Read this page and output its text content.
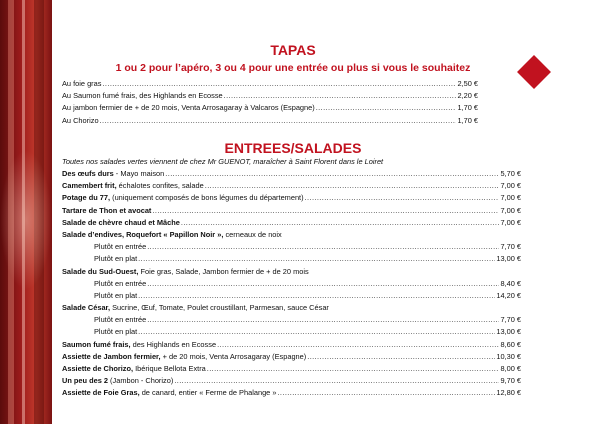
TAPAS
1 ou 2 pour l’apéro, 3 ou 4 pour une entrée ou plus si vous le souhaitez
Au foie gras .....	2,50 €
Au Saumon fumé frais, des Highlands en Ecosse .....	2,20 €
Au jambon fermier de + de 20 mois, Venta Arrosagaray à Valcaros (Espagne) .....	1,70 €
Au Chorizo .....	1,70 €
ENTREES/SALADES
Toutes nos salades vertes viennent de chez Mr GUENOT, maraîcher à Saint Florent dans le Loiret
Des œufs durs - Mayo maison .....	5,70 €
Camembert frit, échalotes confites, salade .....	7,00 €
Potage du 77, (uniquement composés de bons légumes du département) .....	7,00 €
Tartare de Thon et avocat .....	7,00 €
Salade de chèvre chaud et Mâche .....	7,00 €
Salade d’endives, Roquefort « Papillon Noir », cerneaux de noix
Plutôt en entrée .....	7,70 €
Plutôt en plat .....	13,00 €
Salade du Sud-Ouest, Foie gras, Salade, Jambon fermier de + de 20 mois
Plutôt en entrée .....	8,40 €
Plutôt en plat .....	14,20 €
Salade César, Sucrine, Œuf, Tomate, Poulet croustillant, Parmesan, sauce César
Plutôt en entrée .....	7,70 €
Plutôt en plat .....	13,00 €
Saumon fumé frais, des Highlands en Ecosse .....	8,60 €
Assiette de Jambon fermier, + de 20 mois, Venta Arrosagaray (Espagne) .....	10,30 €
Assiette de Chorizo, Ibérique Bellota Extra .....	8,00 €
Un peu des 2 (Jambon - Chorizo) .....	9,70 €
Assiette de Foie Gras, de canard, entier « Ferme de Phalange » .....	12,80 €
